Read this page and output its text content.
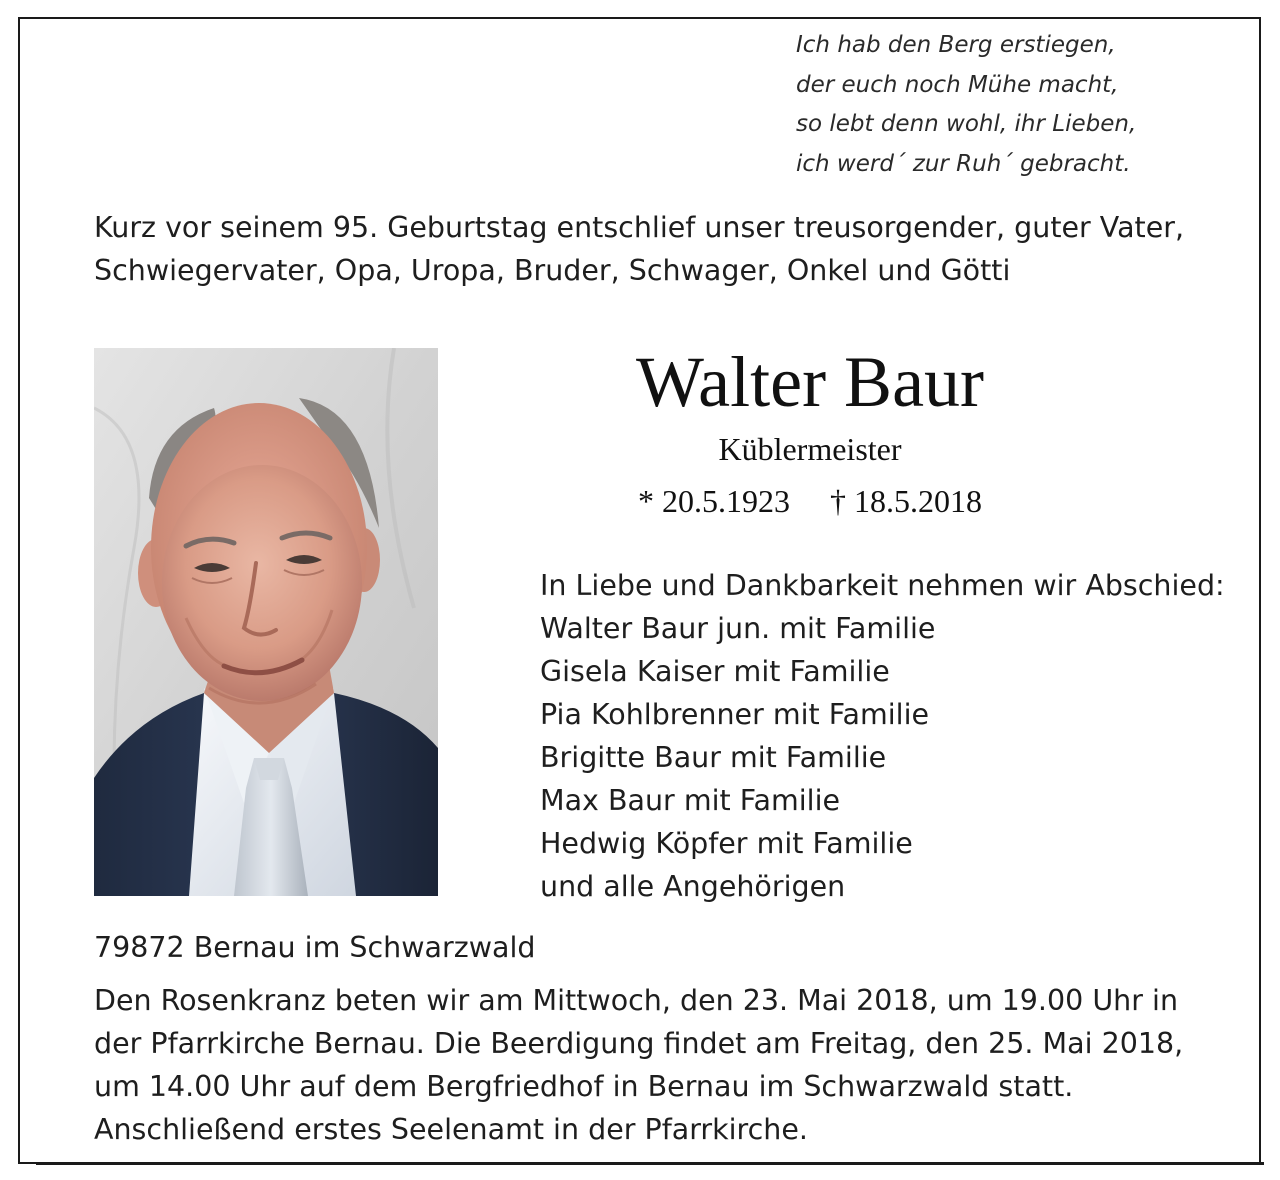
Ich hab den Berg erstiegen,
der euch noch Mühe macht,
so lebt denn wohl, ihr Lieben,
ich werd´ zur Ruh´ gebracht.
Kurz vor seinem 95. Geburtstag entschlief unser treusorgender, guter Vater,
Schwiegervater, Opa, Uropa, Bruder, Schwager, Onkel und Götti
Walter Baur
Küblermeister
* 20.5.1923 † 18.5.2018
In Liebe und Dankbarkeit nehmen wir Abschied:
Walter Baur jun. mit Familie
Gisela Kaiser mit Familie
Pia Kohlbrenner mit Familie
Brigitte Baur mit Familie
Max Baur mit Familie
Hedwig Köpfer mit Familie
und alle Angehörigen
79872 Bernau im Schwarzwald
Den Rosenkranz beten wir am Mittwoch, den 23. Mai 2018, um 19.00 Uhr in
der Pfarrkirche Bernau. Die Beerdigung findet am Freitag, den 25. Mai 2018,
um 14.00 Uhr auf dem Bergfriedhof in Bernau im Schwarzwald statt.
Anschließend erstes Seelenamt in der Pfarrkirche.
